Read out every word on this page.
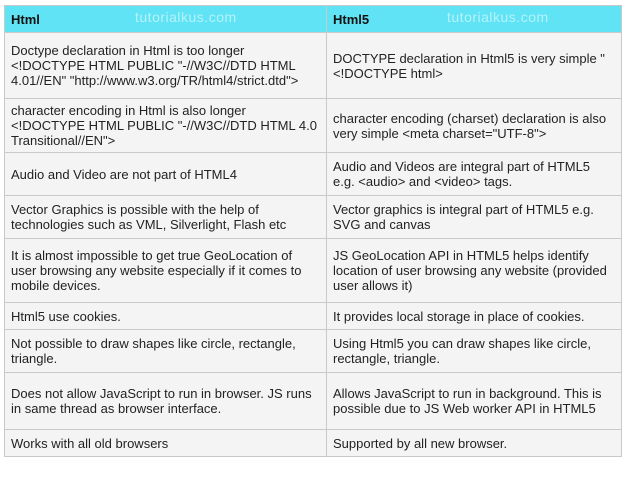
Html tutorialkus.com	Html5 tutorialkus.com

Doctype declaration in Html is too longer <!DOCTYPE HTML PUBLIC "-//W3C//DTD HTML 4.01//EN" "http://www.w3.org/TR/html4/strict.dtd">	DOCTYPE declaration in Html5 is very simple "<!DOCTYPE html>
character encoding in Html is also longer <!DOCTYPE HTML PUBLIC "-//W3C//DTD HTML 4.0 Transitional//EN">	character encoding (charset) declaration is also very simple <meta charset="UTF-8">
Audio and Video are not part of HTML4	Audio and Videos are integral part of HTML5 e.g. <audio> and <video> tags.
Vector Graphics is possible with the help of technologies such as VML, Silverlight, Flash etc	Vector graphics is integral part of HTML5 e.g. SVG and canvas
It is almost impossible to get true GeoLocation of user browsing any website especially if it comes to mobile devices.	JS GeoLocation API in HTML5 helps identify location of user browsing any website (provided user allows it)
Html5 use cookies.	It provides local storage in place of cookies.
Not possible to draw shapes like circle, rectangle, triangle.	Using Html5 you can draw shapes like circle, rectangle, triangle.
Does not allow JavaScript to run in browser. JS runs in same thread as browser interface.	Allows JavaScript to run in background. This is possible due to JS Web worker API in HTML5
Works with all old browsers	Supported by all new browser.
